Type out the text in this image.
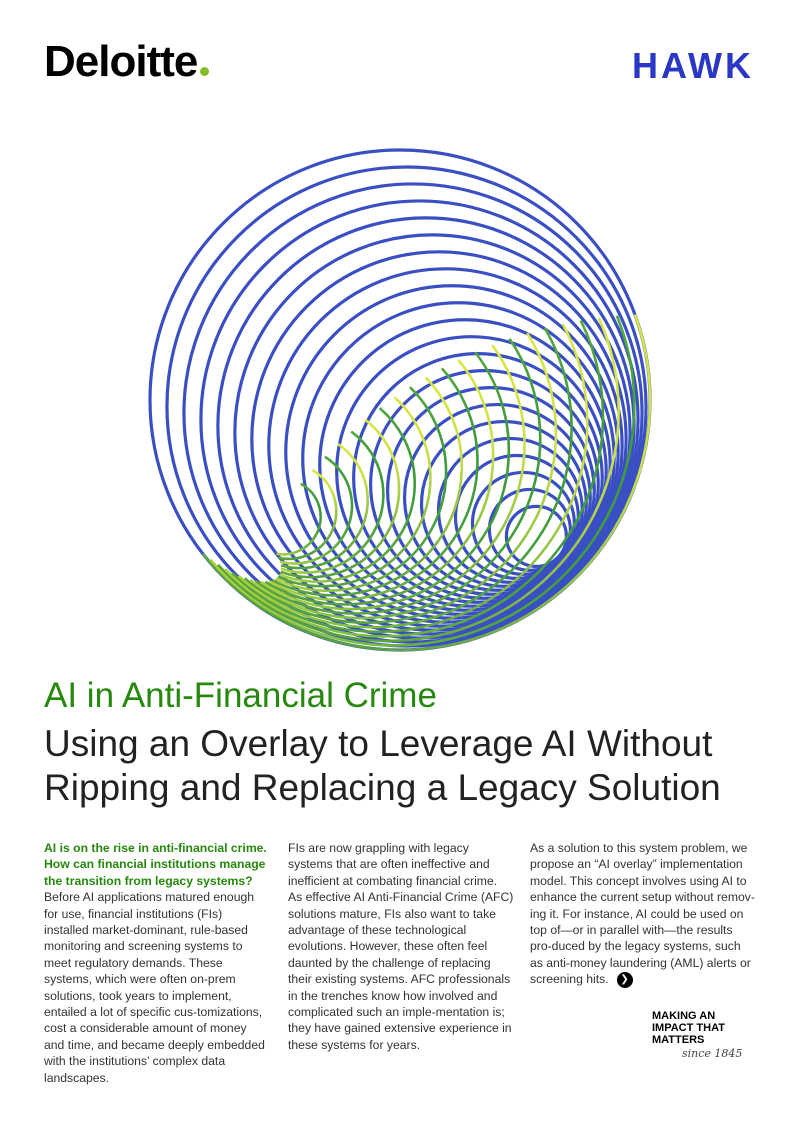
Deloitte	HAWK
AI in Anti-Financial Crime
Using an Overlay to Leverage AI Without Ripping and Replacing a Legacy Solution

AI is on the rise in anti-financial crime. How can financial institutions manage the transition from legacy systems?

Before AI applications matured enough for use, financial institutions (FIs) installed market-dominant, rule-based monitoring and screening systems to meet regulatory demands. These systems, which were often on-prem solutions, took years to implement, entailed a lot of specific cus-tomizations, cost a considerable amount of money and time, and became deeply embedded with the institutions’ complex data landscapes.

FIs are now grappling with legacy systems that are often ineffective and inefficient at combating financial crime. As effective AI Anti-Financial Crime (AFC) solutions mature, FIs also want to take advantage of these technological evolutions. However, these often feel daunted by the challenge of replacing their existing systems. AFC professionals in the trenches know how involved and complicated such an imple-mentation is; they have gained extensive experience in these systems for years.

As a solution to this system problem, we propose an “AI overlay” implementation model. This concept involves using AI to enhance the current setup without remov-ing it. For instance, AI could be used on top of—or in parallel with—the results pro-duced by the legacy systems, such as anti-money laundering (AML) alerts or screening hits. ❯

MAKING AN
IMPACT THAT
MATTERS
since 1845
